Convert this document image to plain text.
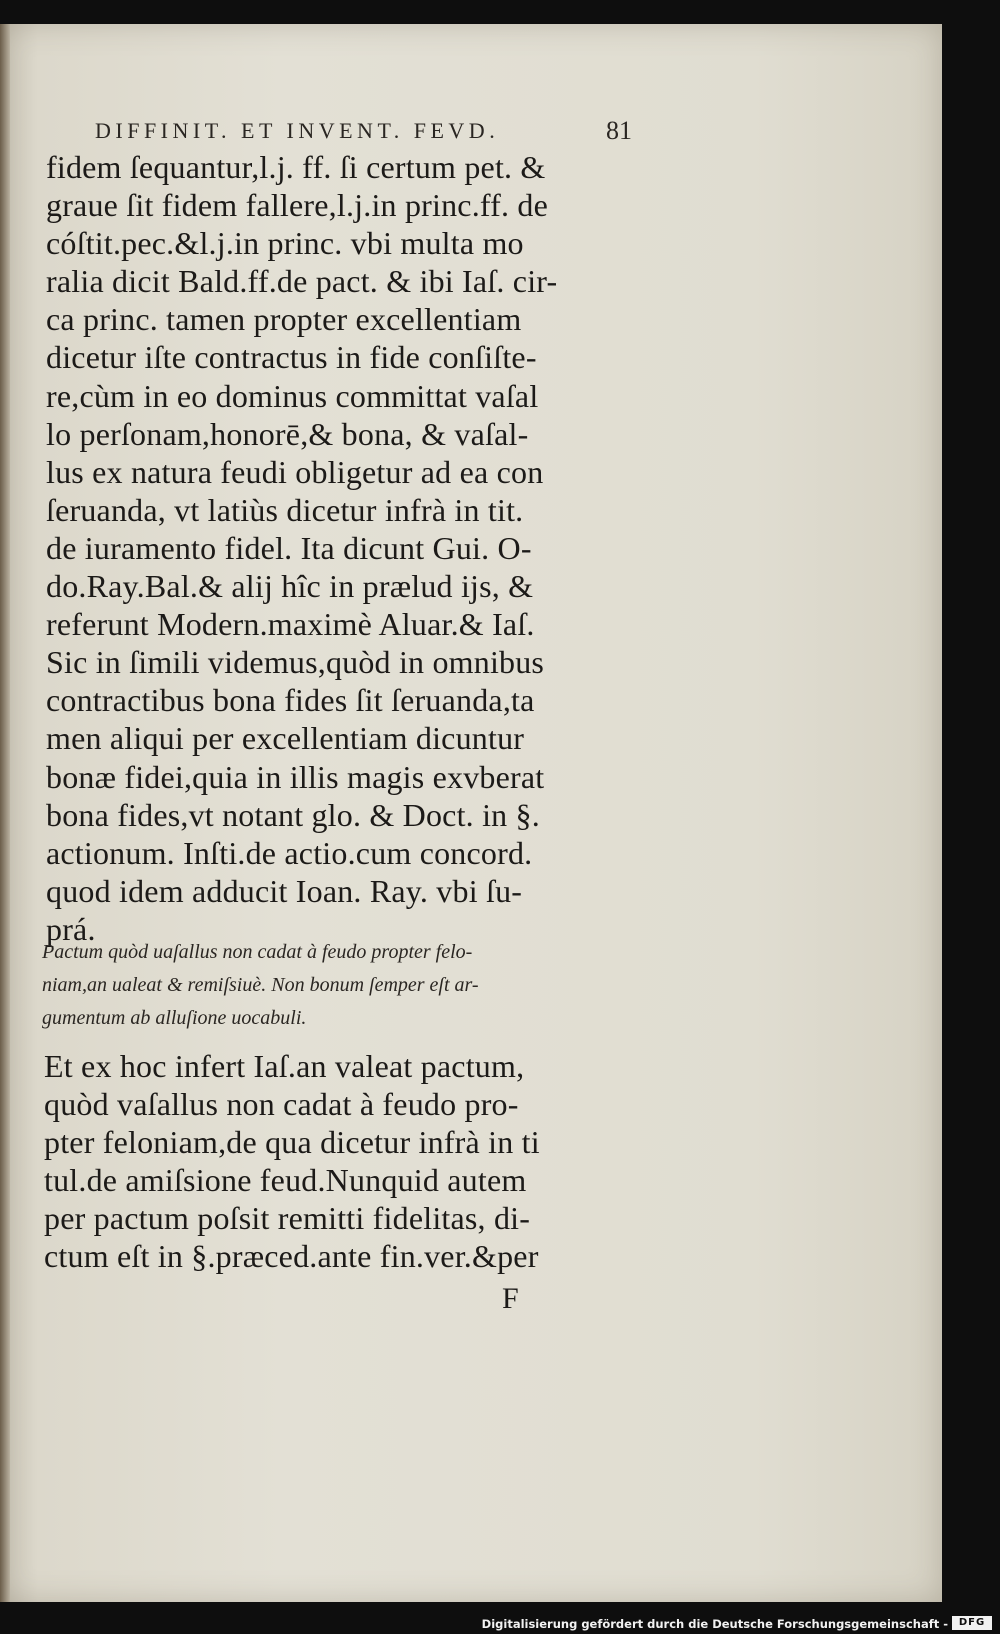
DIFFINIT. ET INVENT. FEVD.	81
fidem ſequantur,l.j. ff. ſi certum pet. &
graue ſit fidem fallere,l.j.in princ.ff. de
cóſtit.pec.&l.j.in princ. vbi multa mo
ralia dicit Bald.ff.de pact. & ibi Iaſ. cir-
ca princ. tamen propter excellentiam
dicetur iſte contractus in fide conſiſte-
re,cùm in eo dominus committat vaſal
lo perſonam,honorē,& bona, & vaſal-
lus ex natura feudi obligetur ad ea con
ſeruanda, vt latiùs dicetur infrà in tit.
de iuramento fidel. Ita dicunt Gui. O-
do.Ray.Bal.& alij hîc in prælud ijs, &
referunt Modern.maximè Aluar.& Iaſ.
Sic in ſimili videmus,quòd in omnibus
contractibus bona fides ſit ſeruanda,ta
men aliqui per excellentiam dicuntur
bonæ fidei,quia in illis magis exvberat
bona fides,vt notant glo. & Doct. in §.
actionum. Inſti.de actio.cum concord.
quod idem adducit Ioan. Ray. vbi ſu-
prá.
Pactum quòd uaſallus non cadat à feudo propter felo-
niam,an ualeat & remiſsiuè. Non bonum ſemper eſt ar-
gumentum ab alluſione uocabuli.
Et ex hoc infert Iaſ.an valeat pactum,
quòd vaſallus non cadat à feudo pro-
pter feloniam,de qua dicetur infrà in ti
tul.de amiſsione feud.Nunquid autem
per pactum poſsit remitti fidelitas, di-
ctum eſt in §.præced.ante fin.ver.&per
F
Digitalisierung gefördert durch die Deutsche Forschungsgemeinschaft -	DFG
